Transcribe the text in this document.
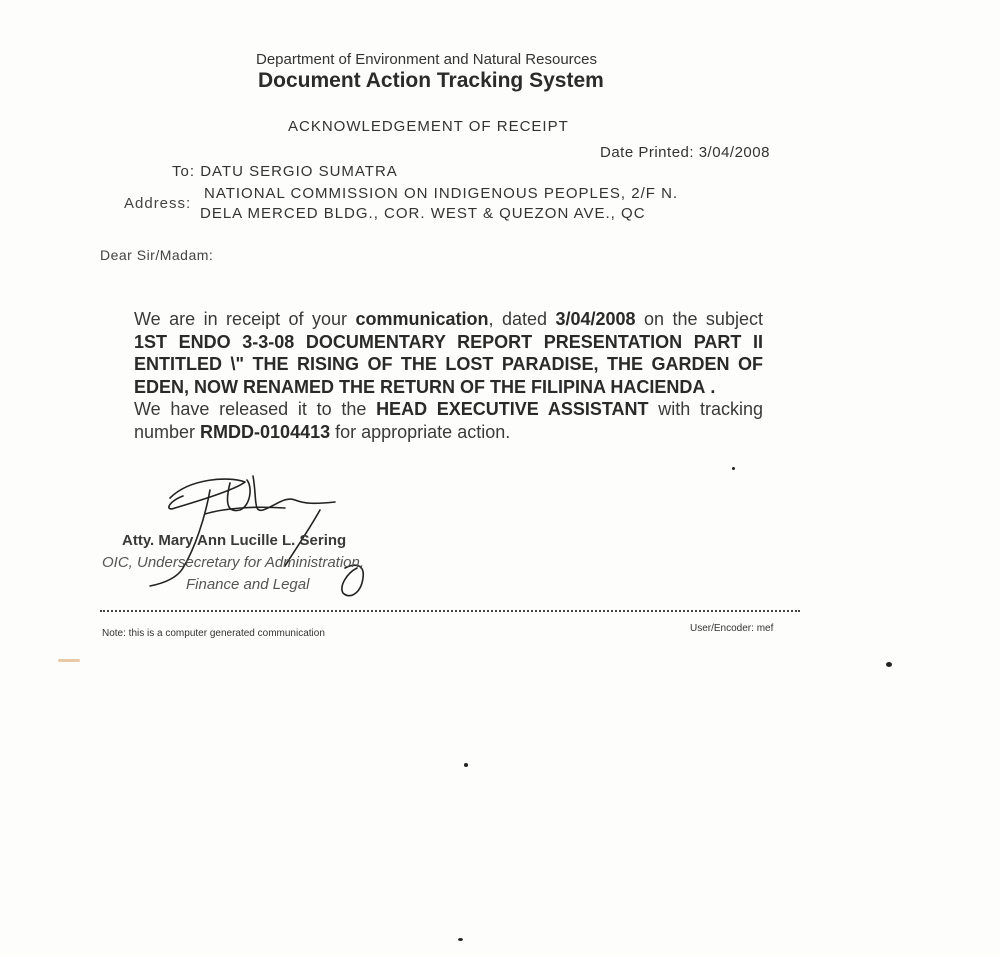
Department of Environment and Natural Resources
Document Action Tracking System
ACKNOWLEDGEMENT OF RECEIPT
Date Printed: 3/04/2008
To: DATU SERGIO SUMATRA
Address:
NATIONAL COMMISSION ON INDIGENOUS PEOPLES, 2/F N.
DELA MERCED BLDG., COR. WEST & QUEZON AVE., QC
Dear Sir/Madam:

We are in receipt of your communication, dated 3/04/2008 on the subject 1ST ENDO 3-3-08 DOCUMENTARY REPORT PRESENTATION PART II ENTITLED \" THE RISING OF THE LOST PARADISE, THE GARDEN OF EDEN, NOW RENAMED THE RETURN OF THE FILIPINA HACIENDA .

We have released it to the HEAD EXECUTIVE ASSISTANT with tracking number RMDD-0104413 for appropriate action.

Atty. Mary Ann Lucille L. Sering
OIC, Undersecretary for Administration,
Finance and Legal
Note: this is a computer generated communication	User/Encoder: mef
